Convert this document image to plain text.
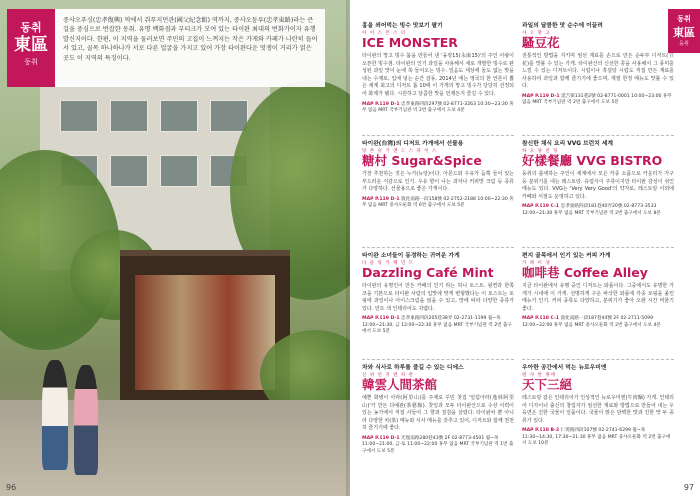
동취
東區
둥취
중샤오푸싱(忠孝復興) 역에서 쥐푸지먼관(國父紀念館) 역까지, 중샤오둥루(忠孝東路)라는 큰길을 중심으로 번잡한 동취. 유명 백화점과 부티크가 모여 있는 타이완 최대의 번화가이자 유행 발신지이다. 한편, 이 지역을 둘러보면 주민의 고집이 느껴지는 작은 가게와 카페가 나란히 들어서 있고, 골목 하나하나가 서로 다른 얼굴을 가지고 있어 가장 타이완다운 멋쟁이 거리가 얽은 곳도 이 지역의 특징이다.
96
동취
東區
둥취
흉을 씌어먹는 빙수 맛보기 팔기
아 이 스 몬 스 터
ICE MONSTER
타이완의 망고 빙수 붐을 만들어 낸 '융캉15(永康15)'의 주인 아팡이 오픈한 빙수점. 타이완의 인기 과일을 사용해서 새로 개발한 빙수로 완성된 과일 맛이 눈에 쏙 들어오는 빙수. 얼음도 세상에 둘도 없는 맛을 내는 수제로, 입에 넣는 순간 감동. 2014년 에는 영국의 한 언론이 뽑은 세계 최고의 디저트 톱 10에 이 가게의 망고 빙수가 당당히 선정되어 화제가 됐다. 시원하고 달콤한 맛을 언제든지 즐길 수 있다.
MAP P.119 D-1 忠孝東路四段297號 02-8771-3263 10:30~23:30 휴무 없음 MRT 국부기념관 역 2번 출구에서 도보 4분
타이완(台湾)의 디저트 가게에서 선물용
탕 촌 슈 거 앤 드 스 파 이 스
糖村 Sugar&Spice
가장 추천하는 것은 누가(뉴탕)이다. 아몬드와 우유가 듬뿍 들어 있는 부드러운 식감으로 인기. 우유 향이 나는 과자나 커피맛 크림 등 종류가 다양하다. 선물용으로 좋은 가게이다.
MAP P.119 D-1 敦化南路一段158號 02-2752-2188 10:00~22:30 휴무 없음 MRT 중샤오둔화 역 6번 출구에서 도보 5분
타이완 소녀들이 동경하는 귀여운 가게
다 즐 링 카 페 민 트
Dazzling Café Mint
타이완의 유명인이 만든 카페의 인기 라는 허니 토스트. 뒷켠과 한쪽 코을 기본으로 타이완 사람의 입맛에 맞게 변형했다는 이 토스트는 토핑에 과일이나 아이스크림을 얹을 수 있고, 맛에 따라 다양한 종류가 있다. 민트 색 인테리어도 귀엽다.
MAP P.119 D-1 忠孝東路四段205巷38弄 02-2731-1199 월~목 12:00~21:30, 금 12:00~22:30 휴무 없음 MRT 국부기념관 역 2번 출구에서 도보 5분
차와 식사로 하루를 즐길 수 있는 디에스
신 위 런 지 엔 차 관
韓雲人間茶館
예쁜 화병이 아라(阿里山)를 주제로 꾸민 찻집 '일림아라(逸林阿里山)'가 만든 다예관(茶藝館). 찻잎과 모두 타이완산으로 수상 이력이 있는 농가에서 직접 사들여 그 향과 질감을 살렸다. 타이완차 뿐 아니라 다양한 차(茶) 메뉴와 식사 메뉴를 갖추고 있어, 디저트와 함께 천천히 즐기기에 좋다.
MAP P.119 D-1 光復南路280巷43號 2F 02-8773-4501 월~목 11:00~21:00, 금·토 11:00~22:00 휴무 없음 MRT 국부기념관 역 1번 출구에서 도보 5분
과일의 달콤한 맛 순수에 이끌려
샤 오 망 고
騷豆花
전통적인 방법을 지키며 엄선 재료를 손으로 만든 순두부 디저트(豆花)를 맛볼 수 있는 가게. 타이완산의 신선한 콩을 사용해서 그 풍미를 느낄 수 있는 디저트이다. 시럽이나 흑설탕 시럽도 직접 만든 재료를 사용하여 과일과 함께 즐기기에 좋으며, 계절 한정 메뉴도 맛볼 수 있다.
MAP P.119 D-1 延吉街131巷2號 02-8771-0001 10:00~23:00 휴무 없음 MRT 국부기념관 역 2번 출구에서 도보 5분
참신한 채식 요리 VVG 브런치 세계
하 오 양 찬 팅
好樣餐廳 VVG BISTRO
동취의 출세하는 주인이 세계에서 모은 각종 소품으로 카운터가 가구 등 분위기를 내는 레스토랑. 유럽식이 주류이지만 타이완 감성이 섞인 메뉴도 있다. VVG는 'Very Very Good'의 약자로, 레스토랑 이외에 카페와 서점도 운영하고 있다.
MAP P.119 C-1 忠孝東路四段181巷40弄20號 02-8773-3533 12:00~21:30 휴무 없음 MRT 국부기념관 역 2번 출구에서 도보 8분
편지 골목에서 인기 있는 커피 가게
카 페 이 샹
咖啡巷 Coffee Alley
지금 타이완에서 유행 중인 디저트는 와플이다. 그중에서도 유명한 가게가 시내에 이 가게. 선명하게 구운 바삭한 와플에 각종 토핑을 올린 메뉴가 인기. 커피 종류도 다양하고, 분위기가 좋아 오랜 시간 머물기 좋다.
MAP P.118 C-1 敦化南路一段187巷44號 2F 02-2711-5099 12:00~22:00 휴무 없음 MRT 중샤오둔화 역 2번 출구에서 도보 4분
우아한 공간에서 먹는 뉴로우미엔
텐 샤 싼 쥐에
天下三絕
레스토랑 같은 인테리어가 인상적인 뉴로우미엔(牛肉麵) 가게. 인테리어 디자이너 출신의 창업자가 엄선한 재료와 방법으로 만들어 내는 우육면은 진한 국물이 일품이다. 국물이 맑은 담백한 맛과 진한 맛 두 종류가 있다.
MAP P.118 B-2 仁愛路四段107號 02-2741-6299 월~목 11:30~14:30, 17:30~21:30 휴무 없음 MRT 중샤오둔화 역 2번 출구에서 도보 10분
97
